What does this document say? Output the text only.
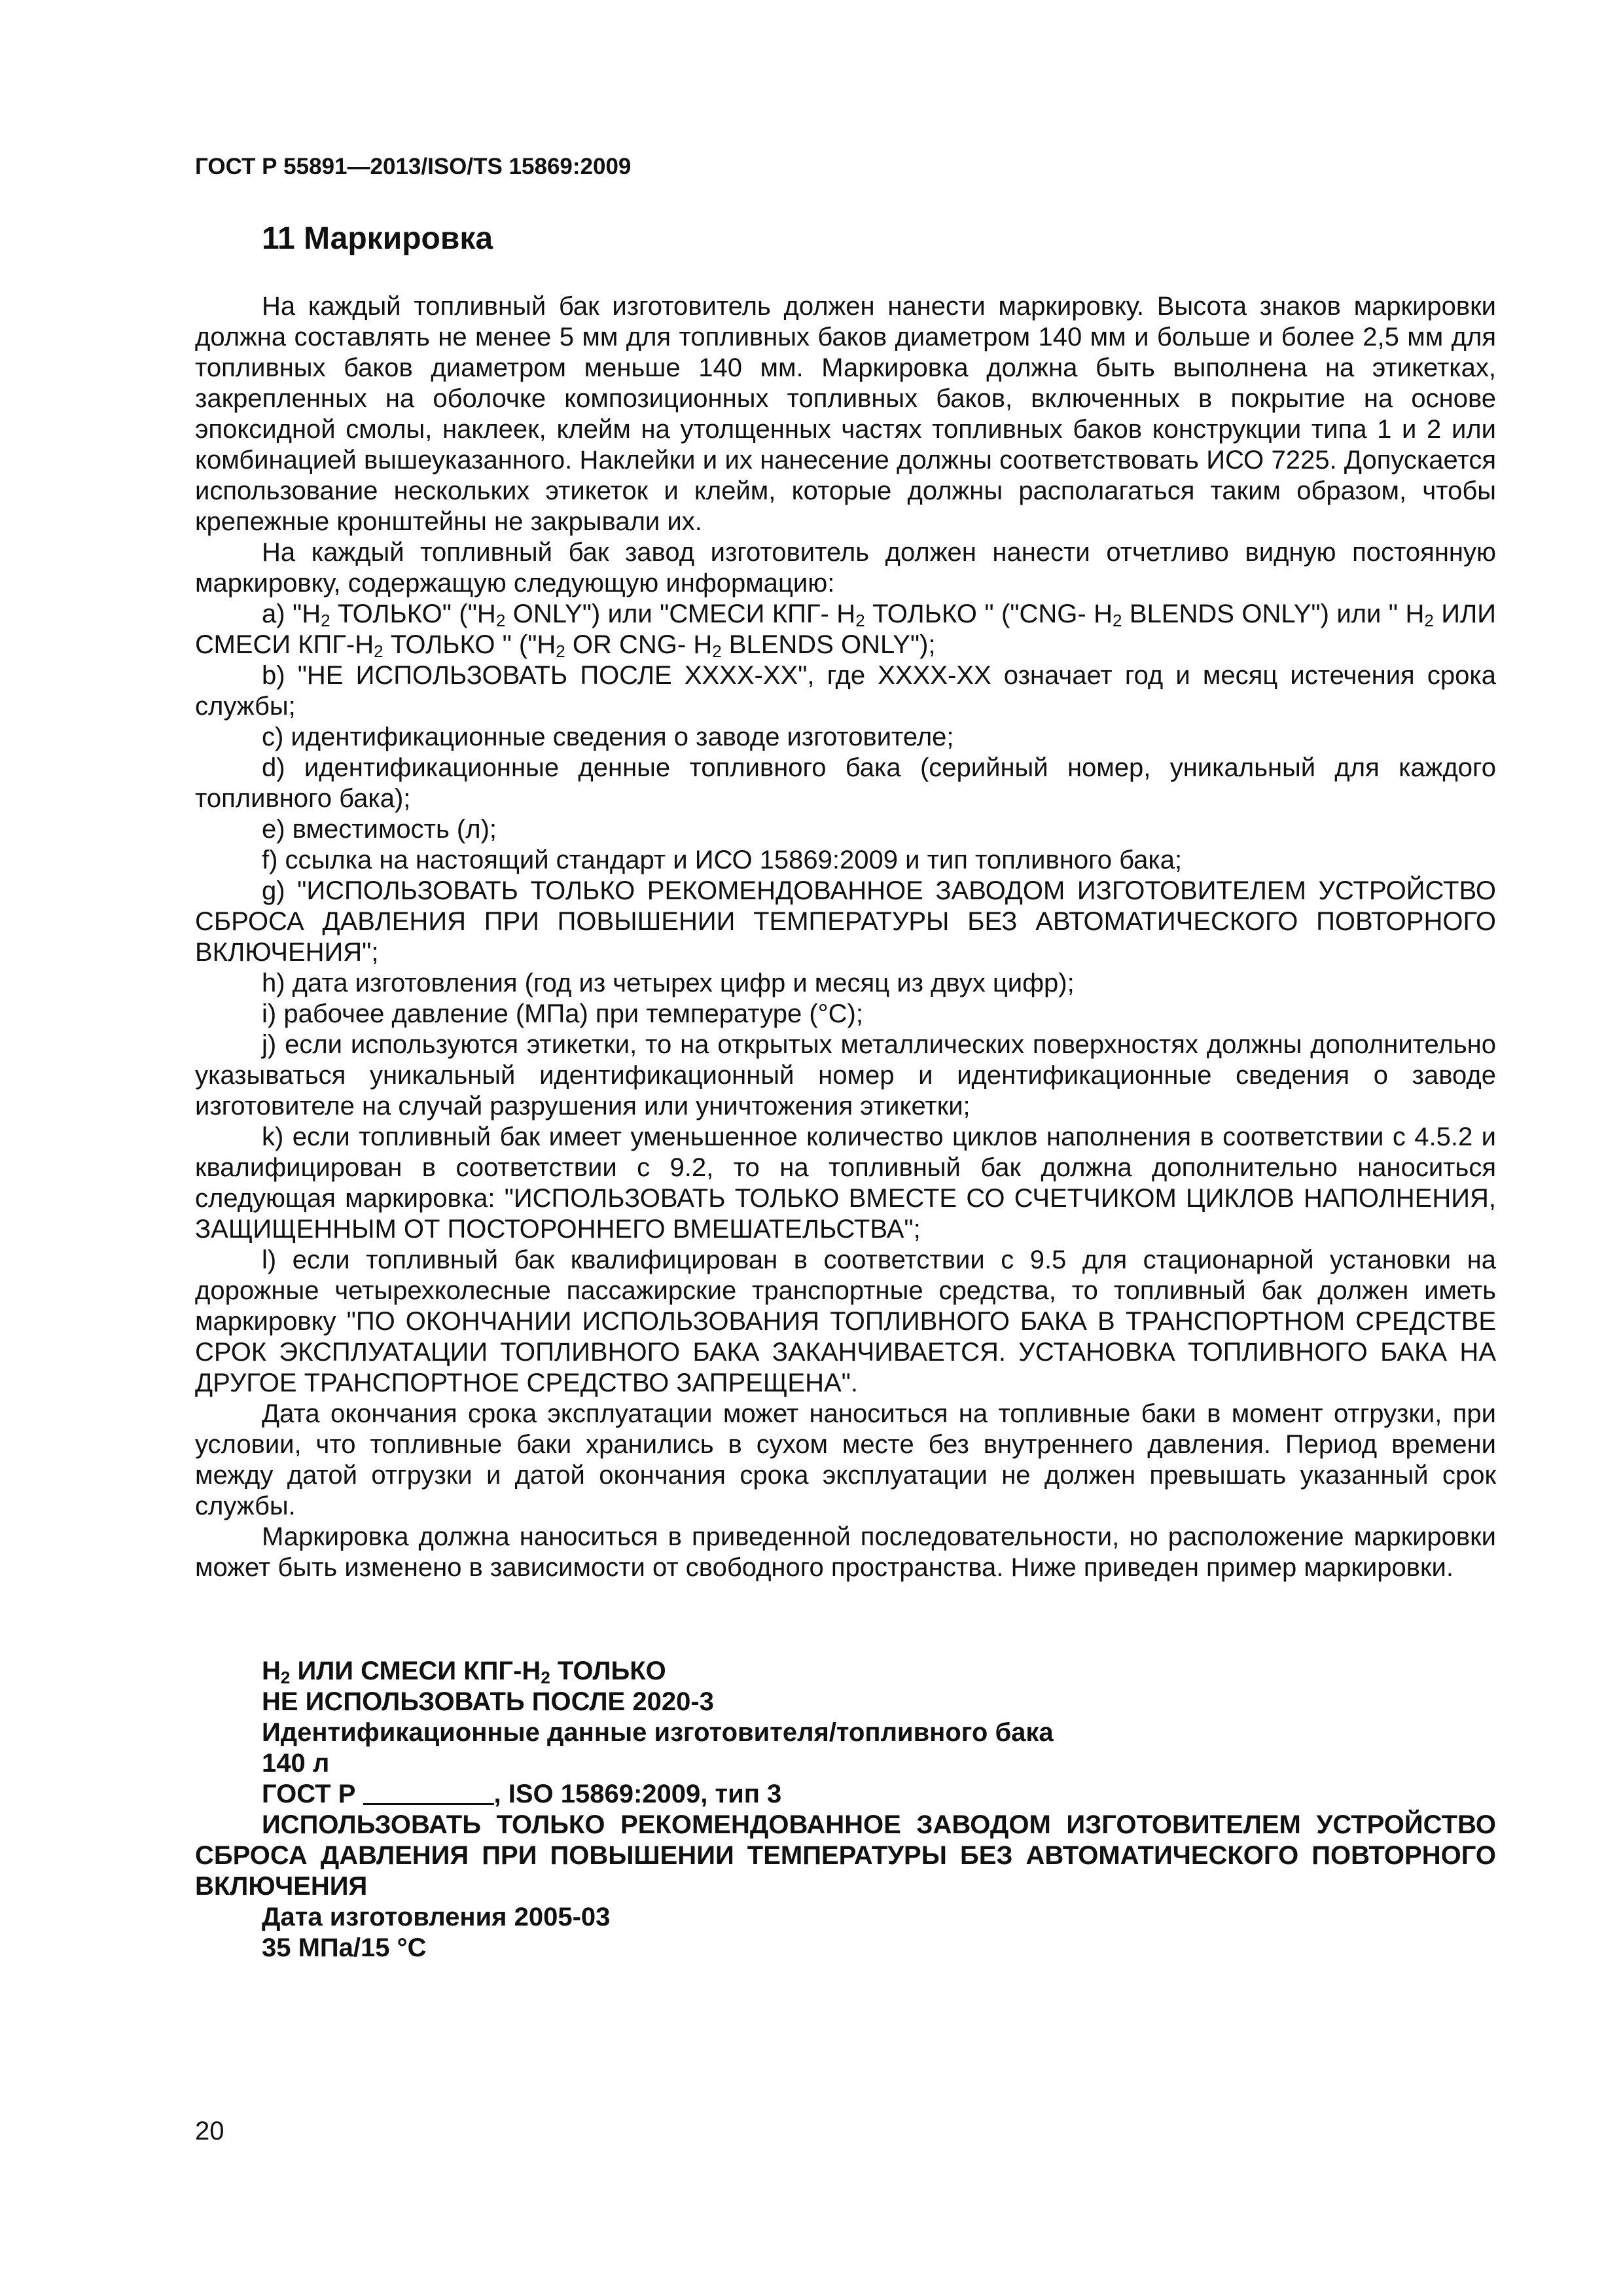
ГОСТ Р 55891—2013/ISO/TS 15869:2009
11 Маркировка

На каждый топливный бак изготовитель должен нанести маркировку. Высота знаков маркировки должна составлять не менее 5 мм для топливных баков диаметром 140 мм и больше и более 2,5 мм для топливных баков диаметром меньше 140 мм. Маркировка должна быть выполнена на этикетках, закрепленных на оболочке композиционных топливных баков, включенных в покрытие на основе эпоксидной смолы, наклеек, клейм на утолщенных частях топливных баков конструкции типа 1 и 2 или комбинацией вышеуказанного. Наклейки и их нанесение должны соответствовать ИСО 7225. Допускается использование нескольких этикеток и клейм, которые должны располагаться таким образом, чтобы крепежные кронштейны не закрывали их.

На каждый топливный бак завод изготовитель должен нанести отчетливо видную постоянную маркировку, содержащую следующую информацию:

а) "$H_2$ ТОЛЬКО" ("$H_2$ ONLY") или "СМЕСИ КПГ- $H_2$ ТОЛЬКО " ("CNG- $H_2$ BLENDS ONLY") или " $H_2$ ИЛИ СМЕСИ КПГ-$H_2$ ТОЛЬКО " ("$H_2$ OR CNG- $H_2$ BLENDS ONLY");

b) "НЕ ИСПОЛЬЗОВАТЬ ПОСЛЕ ХХХХ-ХХ", где ХХХХ-ХХ означает год и месяц истечения срока службы;

c) идентификационные сведения о заводе изготовителе;

d) идентификационные денные топливного бака (серийный номер, уникальный для каждого топливного бака);

e) вместимость (л);

f) ссылка на настоящий стандарт и ИСО 15869:2009 и тип топливного бака;

g) "ИСПОЛЬЗОВАТЬ ТОЛЬКО РЕКОМЕНДОВАННОЕ ЗАВОДОМ ИЗГОТОВИТЕЛЕМ УСТРОЙСТВО СБРОСА ДАВЛЕНИЯ ПРИ ПОВЫШЕНИИ ТЕМПЕРАТУРЫ БЕЗ АВТОМАТИЧЕСКОГО ПОВТОРНОГО ВКЛЮЧЕНИЯ";

h) дата изготовления (год из четырех цифр и месяц из двух цифр);

i) рабочее давление (МПа) при температуре (°С);

j) если используются этикетки, то на открытых металлических поверхностях должны дополнительно указываться уникальный идентификационный номер и идентификационные сведения о заводе изготовителе на случай разрушения или уничтожения этикетки;

k) если топливный бак имеет уменьшенное количество циклов наполнения в соответствии с 4.5.2 и квалифицирован в соответствии с 9.2, то на топливный бак должна дополнительно наноситься следующая маркировка: "ИСПОЛЬЗОВАТЬ ТОЛЬКО ВМЕСТЕ СО СЧЕТЧИКОМ ЦИКЛОВ НАПОЛНЕНИЯ, ЗАЩИЩЕННЫМ ОТ ПОСТОРОННЕГО ВМЕШАТЕЛЬСТВА";

l) если топливный бак квалифицирован в соответствии с 9.5 для стационарной установки на дорожные четырехколесные пассажирские транспортные средства, то топливный бак должен иметь маркировку "ПО ОКОНЧАНИИ ИСПОЛЬЗОВАНИЯ ТОПЛИВНОГО БАКА В ТРАНСПОРТНОМ СРЕДСТВЕ СРОК ЭКСПЛУАТАЦИИ ТОПЛИВНОГО БАКА ЗАКАНЧИВАЕТСЯ. УСТАНОВКА ТОПЛИВНОГО БАКА НА ДРУГОЕ ТРАНСПОРТНОЕ СРЕДСТВО ЗАПРЕЩЕНА".

Дата окончания срока эксплуатации может наноситься на топливные баки в момент отгрузки, при условии, что топливные баки хранились в сухом месте без внутреннего давления. Период времени между датой отгрузки и датой окончания срока эксплуатации не должен превышать указанный срок службы.

Маркировка должна наноситься в приведенной последовательности, но расположение маркировки может быть изменено в зависимости от свободного пространства. Ниже приведен пример маркировки.

$H_2$ ИЛИ СМЕСИ КПГ-$H_2$ ТОЛЬКО

НЕ ИСПОЛЬЗОВАТЬ ПОСЛЕ 2020-3

Идентификационные данные изготовителя/топливного бака

140 л

ГОСТ Р	, ISO 15869:2009, тип 3

ИСПОЛЬЗОВАТЬ ТОЛЬКО РЕКОМЕНДОВАННОЕ ЗАВОДОМ ИЗГОТОВИТЕЛЕМ УСТРОЙСТВО СБРОСА ДАВЛЕНИЯ ПРИ ПОВЫШЕНИИ ТЕМПЕРАТУРЫ БЕЗ АВТОМАТИЧЕСКОГО ПОВТОРНОГО ВКЛЮЧЕНИЯ

Дата изготовления 2005-03

35 МПа/15 °С

20
